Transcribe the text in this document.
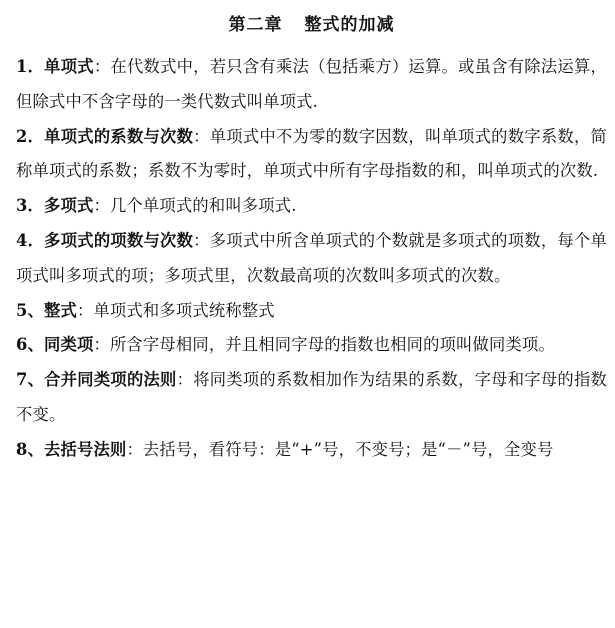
第二章 整式的加减

1．单项式：在代数式中，若只含有乘法（包括乘方）运算。或虽含有除法运算，但除式中不含字母的一类代数式叫单项式.

2．单项式的系数与次数：单项式中不为零的数字因数，叫单项式的数字系数，简称单项式的系数；系数不为零时，单项式中所有字母指数的和，叫单项式的次数.

3．多项式：几个单项式的和叫多项式.

4．多项式的项数与次数：多项式中所含单项式的个数就是多项式的项数，每个单项式叫多项式的项；多项式里，次数最高项的次数叫多项式的次数。

5、整式：单项式和多项式统称整式

6、同类项：所含字母相同，并且相同字母的指数也相同的项叫做同类项。

7、合并同类项的法则：将同类项的系数相加作为结果的系数，字母和字母的指数不变。

8、去括号法则：去括号，看符号：是“+”号，不变号；是“－”号，全变号
